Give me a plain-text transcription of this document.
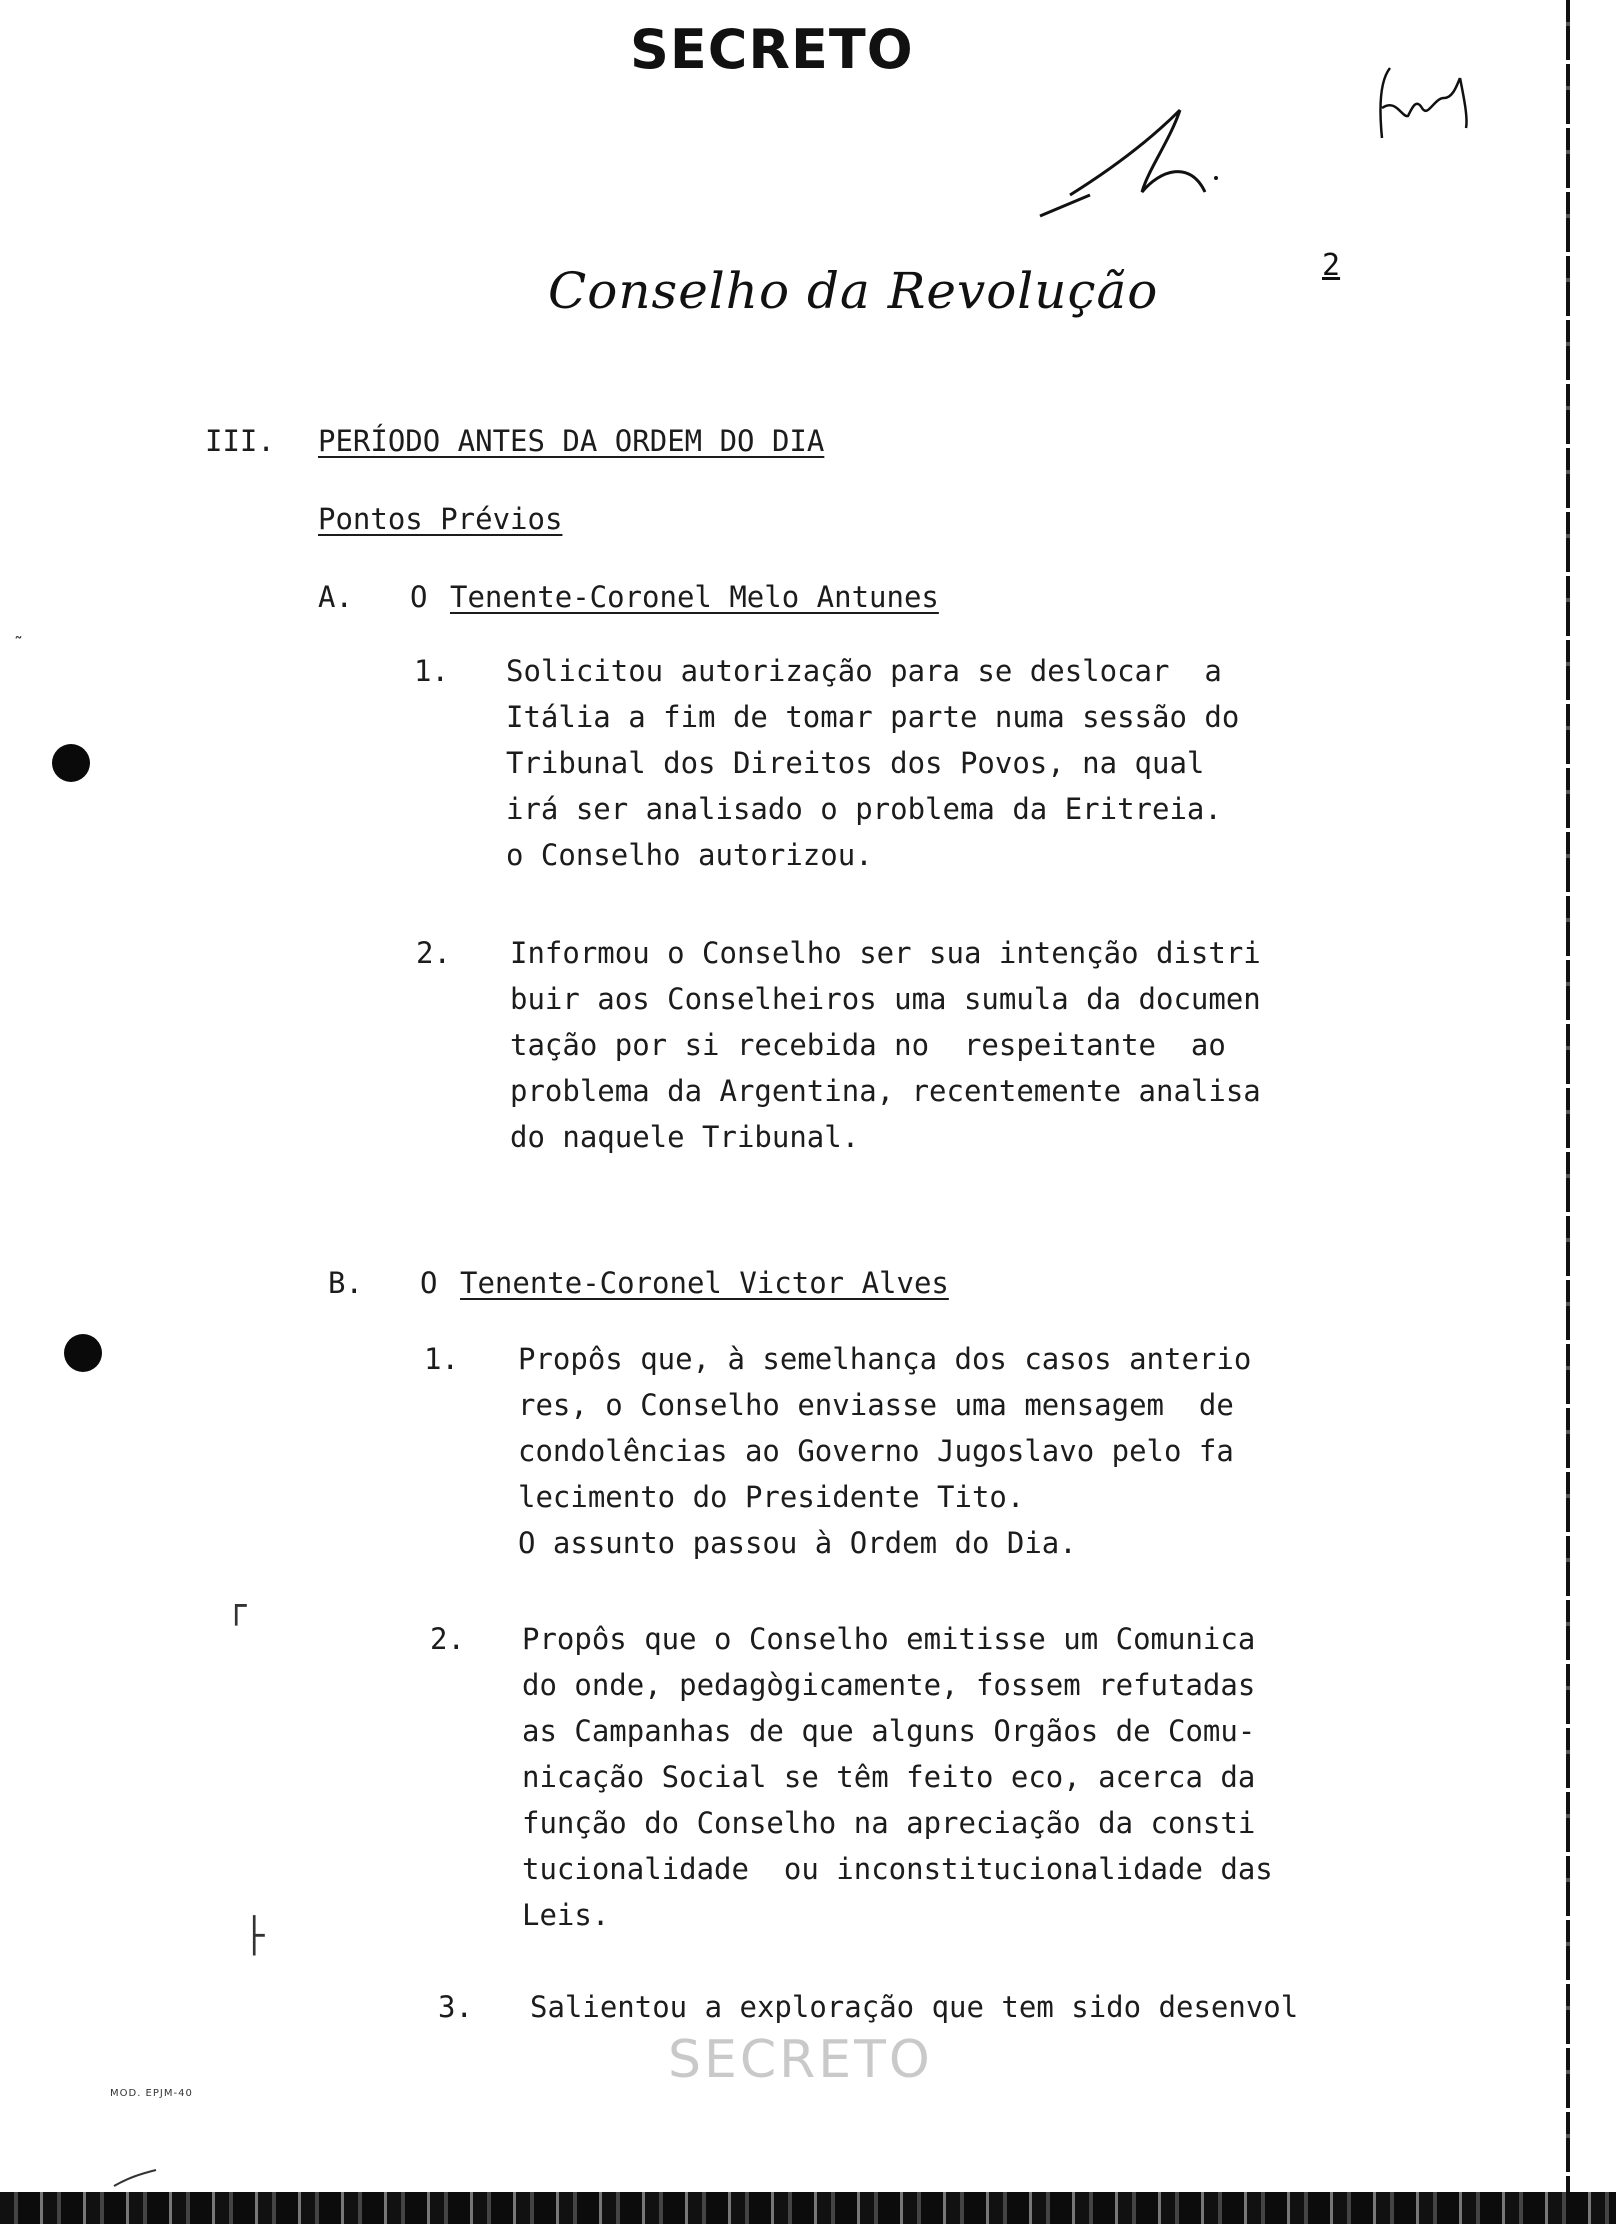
SECRETO
2
Conselho da Revolução
III. PERÍODO ANTES DA ORDEM DO DIA
Pontos Prévios
A. O Tenente-Coronel Melo Antunes
1. Solicitou autorização para se deslocar  a
Itália a fim de tomar parte numa sessão do
Tribunal dos Direitos dos Povos, na qual
irá ser analisado o problema da Eritreia.
o Conselho autorizou.
2. Informou o Conselho ser sua intenção distri
buir aos Conselheiros uma sumula da documen
tação por si recebida no  respeitante  ao
problema da Argentina, recentemente analisa
do naquele Tribunal.
B. O Tenente-Coronel Victor Alves
1. Propôs que, à semelhança dos casos anterio
res, o Conselho enviasse uma mensagem  de
condolências ao Governo Jugoslavo pelo fa
lecimento do Presidente Tito.
O assunto passou à Ordem do Dia.
2. Propôs que o Conselho emitisse um Comunica
do onde, pedagògicamente, fossem refutadas
as Campanhas de que alguns Orgãos de Comu-
nicação Social se têm feito eco, acerca da
função do Conselho na apreciação da consti
tucionalidade  ou inconstitucionalidade das
Leis.
3. Salientou a exploração que tem sido desenvol
SECRETO
MOD. EPJM-40
┌
├
˜
